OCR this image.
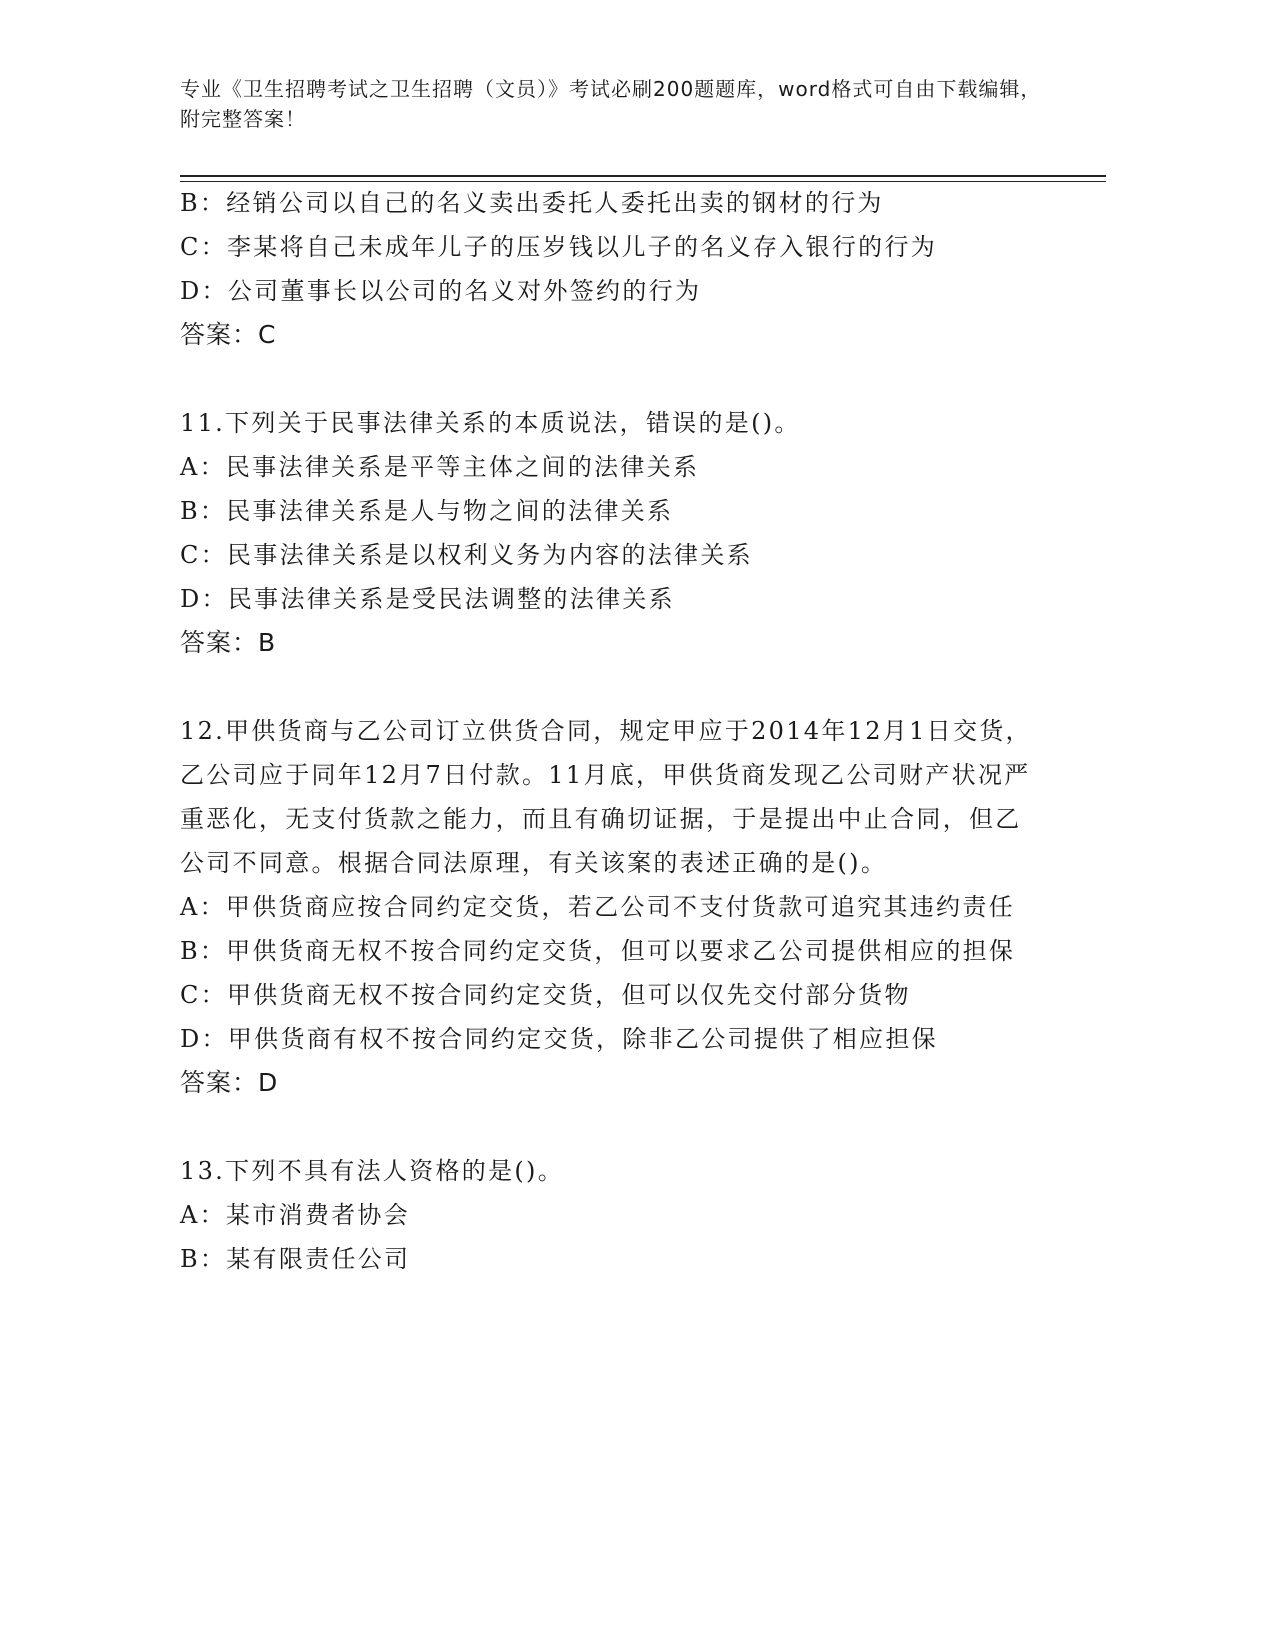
专业《卫生招聘考试之卫生招聘（文员）》考试必刷200题题库，word格式可自由下载编辑，附完整答案！
B：经销公司以自己的名义卖出委托人委托出卖的钢材的行为
C：李某将自己未成年儿子的压岁钱以儿子的名义存入银行的行为
D：公司董事长以公司的名义对外签约的行为
答案：C
11.下列关于民事法律关系的本质说法，错误的是()。
A：民事法律关系是平等主体之间的法律关系
B：民事法律关系是人与物之间的法律关系
C：民事法律关系是以权利义务为内容的法律关系
D：民事法律关系是受民法调整的法律关系
答案：B
12.甲供货商与乙公司订立供货合同，规定甲应于2014年12月1日交货，乙公司应于同年12月7日付款。11月底，甲供货商发现乙公司财产状况严重恶化，无支付货款之能力，而且有确切证据，于是提出中止合同，但乙公司不同意。根据合同法原理，有关该案的表述正确的是()。
A：甲供货商应按合同约定交货，若乙公司不支付货款可追究其违约责任
B：甲供货商无权不按合同约定交货，但可以要求乙公司提供相应的担保
C：甲供货商无权不按合同约定交货，但可以仅先交付部分货物
D：甲供货商有权不按合同约定交货，除非乙公司提供了相应担保
答案：D
13.下列不具有法人资格的是()。
A：某市消费者协会
B：某有限责任公司
